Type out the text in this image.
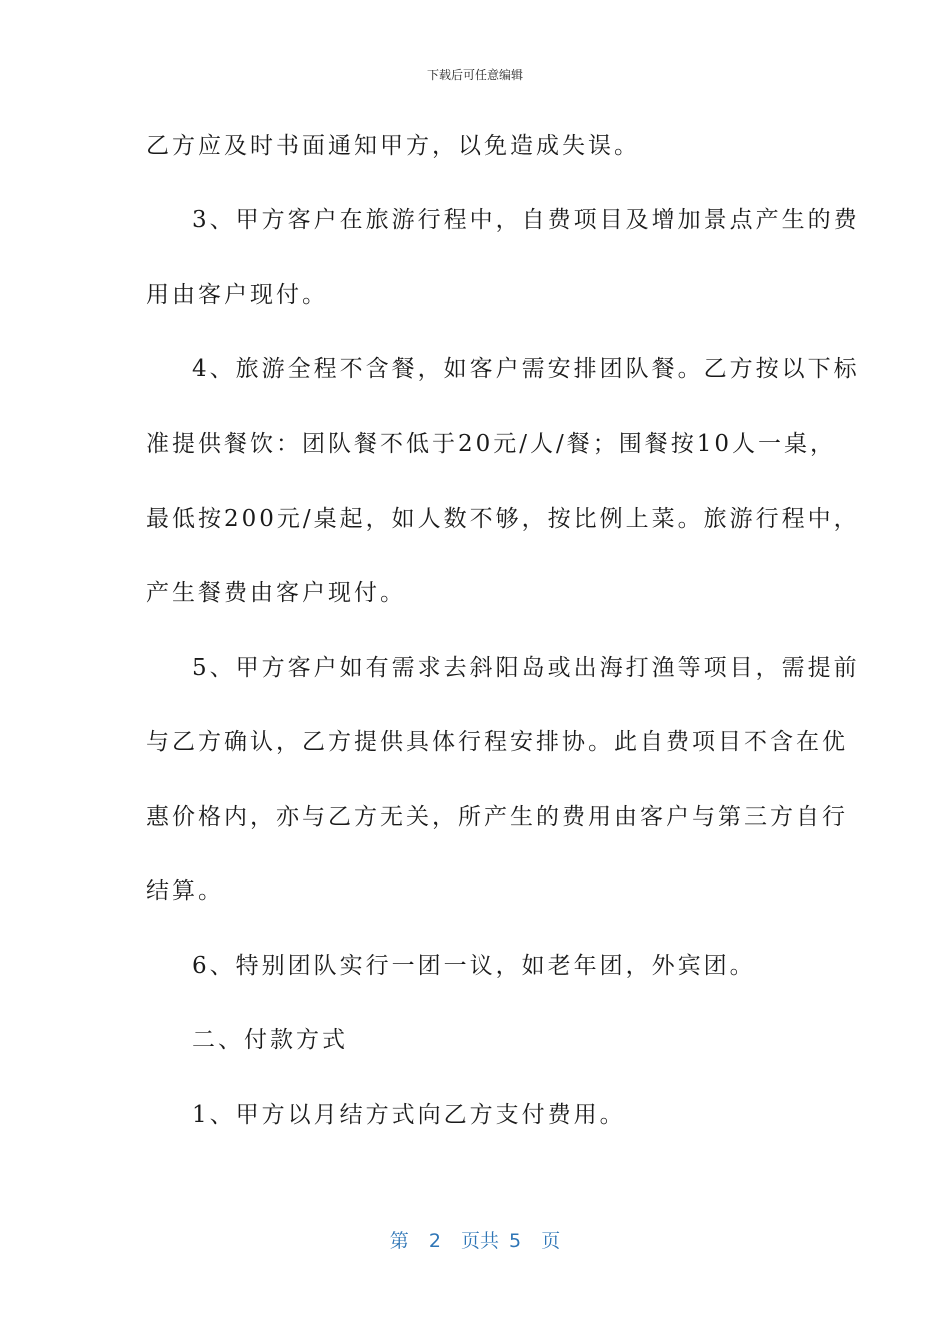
下载后可任意编辑
乙方应及时书面通知甲方，以免造成失误。
3、甲方客户在旅游行程中，自费项目及增加景点产生的费
用由客户现付。
4、旅游全程不含餐，如客户需安排团队餐。乙方按以下标
准提供餐饮：团队餐不低于20元/人/餐；围餐按10人一桌，
最低按200元/桌起，如人数不够，按比例上菜。旅游行程中，
产生餐费由客户现付。
5、甲方客户如有需求去斜阳岛或出海打渔等项目，需提前
与乙方确认，乙方提供具体行程安排协。此自费项目不含在优
惠价格内，亦与乙方无关，所产生的费用由客户与第三方自行
结算。
6、特别团队实行一团一议，如老年团，外宾团。
二、付款方式
1、甲方以月结方式向乙方支付费用。
第  2  页共 5  页
